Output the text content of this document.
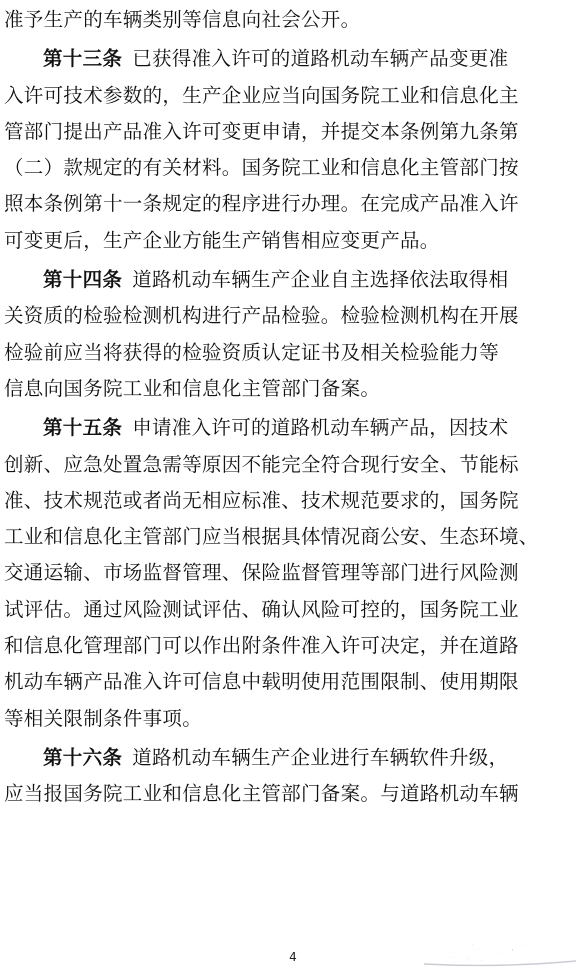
准予生产的车辆类别等信息向社会公开。
第十三条 已获得准入许可的道路机动车辆产品变更准
入许可技术参数的，生产企业应当向国务院工业和信息化主
管部门提出产品准入许可变更申请，并提交本条例第九条第
（二）款规定的有关材料。国务院工业和信息化主管部门按
照本条例第十一条规定的程序进行办理。在完成产品准入许
可变更后，生产企业方能生产销售相应变更产品。
第十四条 道路机动车辆生产企业自主选择依法取得相
关资质的检验检测机构进行产品检验。检验检测机构在开展
检验前应当将获得的检验资质认定证书及相关检验能力等
信息向国务院工业和信息化主管部门备案。
第十五条 申请准入许可的道路机动车辆产品，因技术
创新、应急处置急需等原因不能完全符合现行安全、节能标
准、技术规范或者尚无相应标准、技术规范要求的，国务院
工业和信息化主管部门应当根据具体情况商公安、生态环境、
交通运输、市场监督管理、保险监督管理等部门进行风险测
试评估。通过风险测试评估、确认风险可控的，国务院工业
和信息化管理部门可以作出附条件准入许可决定，并在道路
机动车辆产品准入许可信息中载明使用范围限制、使用期限
等相关限制条件事项。
第十六条 道路机动车辆生产企业进行车辆软件升级，
应当报国务院工业和信息化主管部门备案。与道路机动车辆
4	中国汽车信息网
